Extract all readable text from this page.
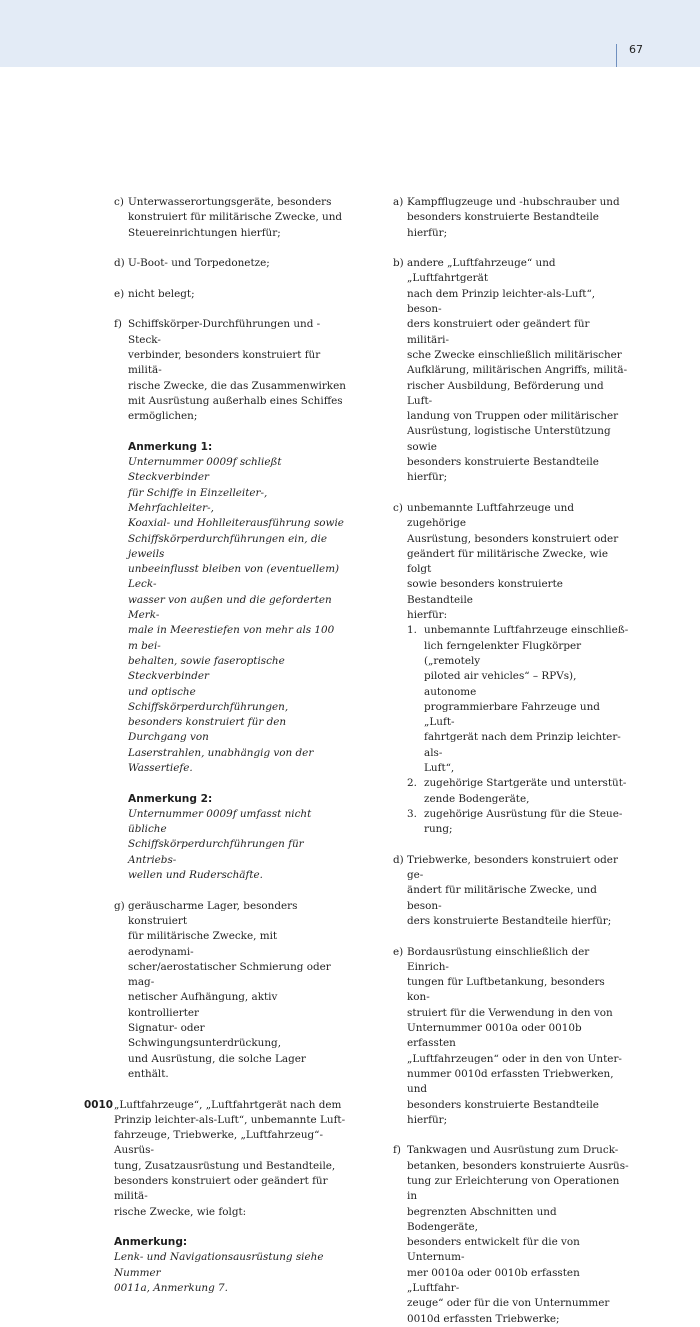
67
c) Unterwasserortungsgeräte, besonders
konstruiert für militärische Zwecke, und
Steuereinrichtungen hierfür;
d) U-Boot- und Torpedonetze;
e) nicht belegt;
f) Schiffskörper-Durchführungen und -Steck-
verbinder, besonders konstruiert für militä-
rische Zwecke, die das Zusammenwirken
mit Ausrüstung außerhalb eines Schiffes
ermöglichen;
Anmerkung 1:
Unternummer 0009f schließt Steckverbinder
für Schiffe in Einzelleiter-, Mehrfachleiter-,
Koaxial- und Hohlleiterausführung sowie
Schiffskörperdurchführungen ein, die jeweils
unbeeinflusst bleiben von (eventuellem) Leck-
wasser von außen und die geforderten Merk-
male in Meerestiefen von mehr als 100 m bei-
behalten, sowie faseroptische Steckverbinder
und optische Schiffskörperdurchführungen,
besonders konstruiert für den Durchgang von
Laserstrahlen, unabhängig von der Wassertiefe.
Anmerkung 2:
Unternummer 0009f umfasst nicht übliche
Schiffskörperdurchführungen für Antriebs-
wellen und Ruderschäfte.
g) geräuscharme Lager, besonders konstruiert
für militärische Zwecke, mit aerodynami-
scher/aerostatischer Schmierung oder mag-
netischer Aufhängung, aktiv kontrollierter
Signatur- oder Schwingungsunterdrückung,
und Ausrüstung, die solche Lager enthält.
0010 „Luftfahrzeuge“, „Luftfahrtgerät nach dem
Prinzip leichter-als-Luft“, unbemannte Luft-
fahrzeuge, Triebwerke, „Luftfahrzeug“-Ausrüs-
tung, Zusatzausrüstung und Bestandteile,
besonders konstruiert oder geändert für militä-
rische Zwecke, wie folgt:
Anmerkung:
Lenk- und Navigationsausrüstung siehe Nummer
0011a, Anmerkung 7.
a) Kampfflugzeuge und -hubschrauber und
besonders konstruierte Bestandteile hierfür;
b) andere „Luftfahrzeuge“ und „Luftfahrtgerät
nach dem Prinzip leichter-als-Luft“, beson-
ders konstruiert oder geändert für militäri-
sche Zwecke einschließlich militärischer
Aufklärung, militärischen Angriffs, militä-
rischer Ausbildung, Beförderung und Luft-
landung von Truppen oder militärischer
Ausrüstung, logistische Unterstützung sowie
besonders konstruierte Bestandteile hierfür;
c) unbemannte Luftfahrzeuge und zugehörige
Ausrüstung, besonders konstruiert oder
geändert für militärische Zwecke, wie folgt
sowie besonders konstruierte Bestandteile
hierfür:
1. unbemannte Luftfahrzeuge einschließ-
lich ferngelenkter Flugkörper („remotely
piloted air vehicles“ – RPVs), autonome
programmierbare Fahrzeuge und „Luft-
fahrtgerät nach dem Prinzip leichter-als-
Luft“,
2. zugehörige Startgeräte und unterstüt-
zende Bodengeräte,
3. zugehörige Ausrüstung für die Steue-
rung;
d) Triebwerke, besonders konstruiert oder ge-
ändert für militärische Zwecke, und beson-
ders konstruierte Bestandteile hierfür;
e) Bordausrüstung einschließlich der Einrich-
tungen für Luftbetankung, besonders kon-
struiert für die Verwendung in den von
Unternummer 0010a oder 0010b erfassten
„Luftfahrzeugen“ oder in den von Unter-
nummer 0010d erfassten Triebwerken, und
besonders konstruierte Bestandteile hierfür;
f) Tankwagen und Ausrüstung zum Druck-
betanken, besonders konstruierte Ausrüs-
tung zur Erleichterung von Operationen in
begrenzten Abschnitten und Bodengeräte,
besonders entwickelt für die von Unternum-
mer 0010a oder 0010b erfassten „Luftfahr-
zeuge“ oder für die von Unternummer
0010d erfassten Triebwerke;
